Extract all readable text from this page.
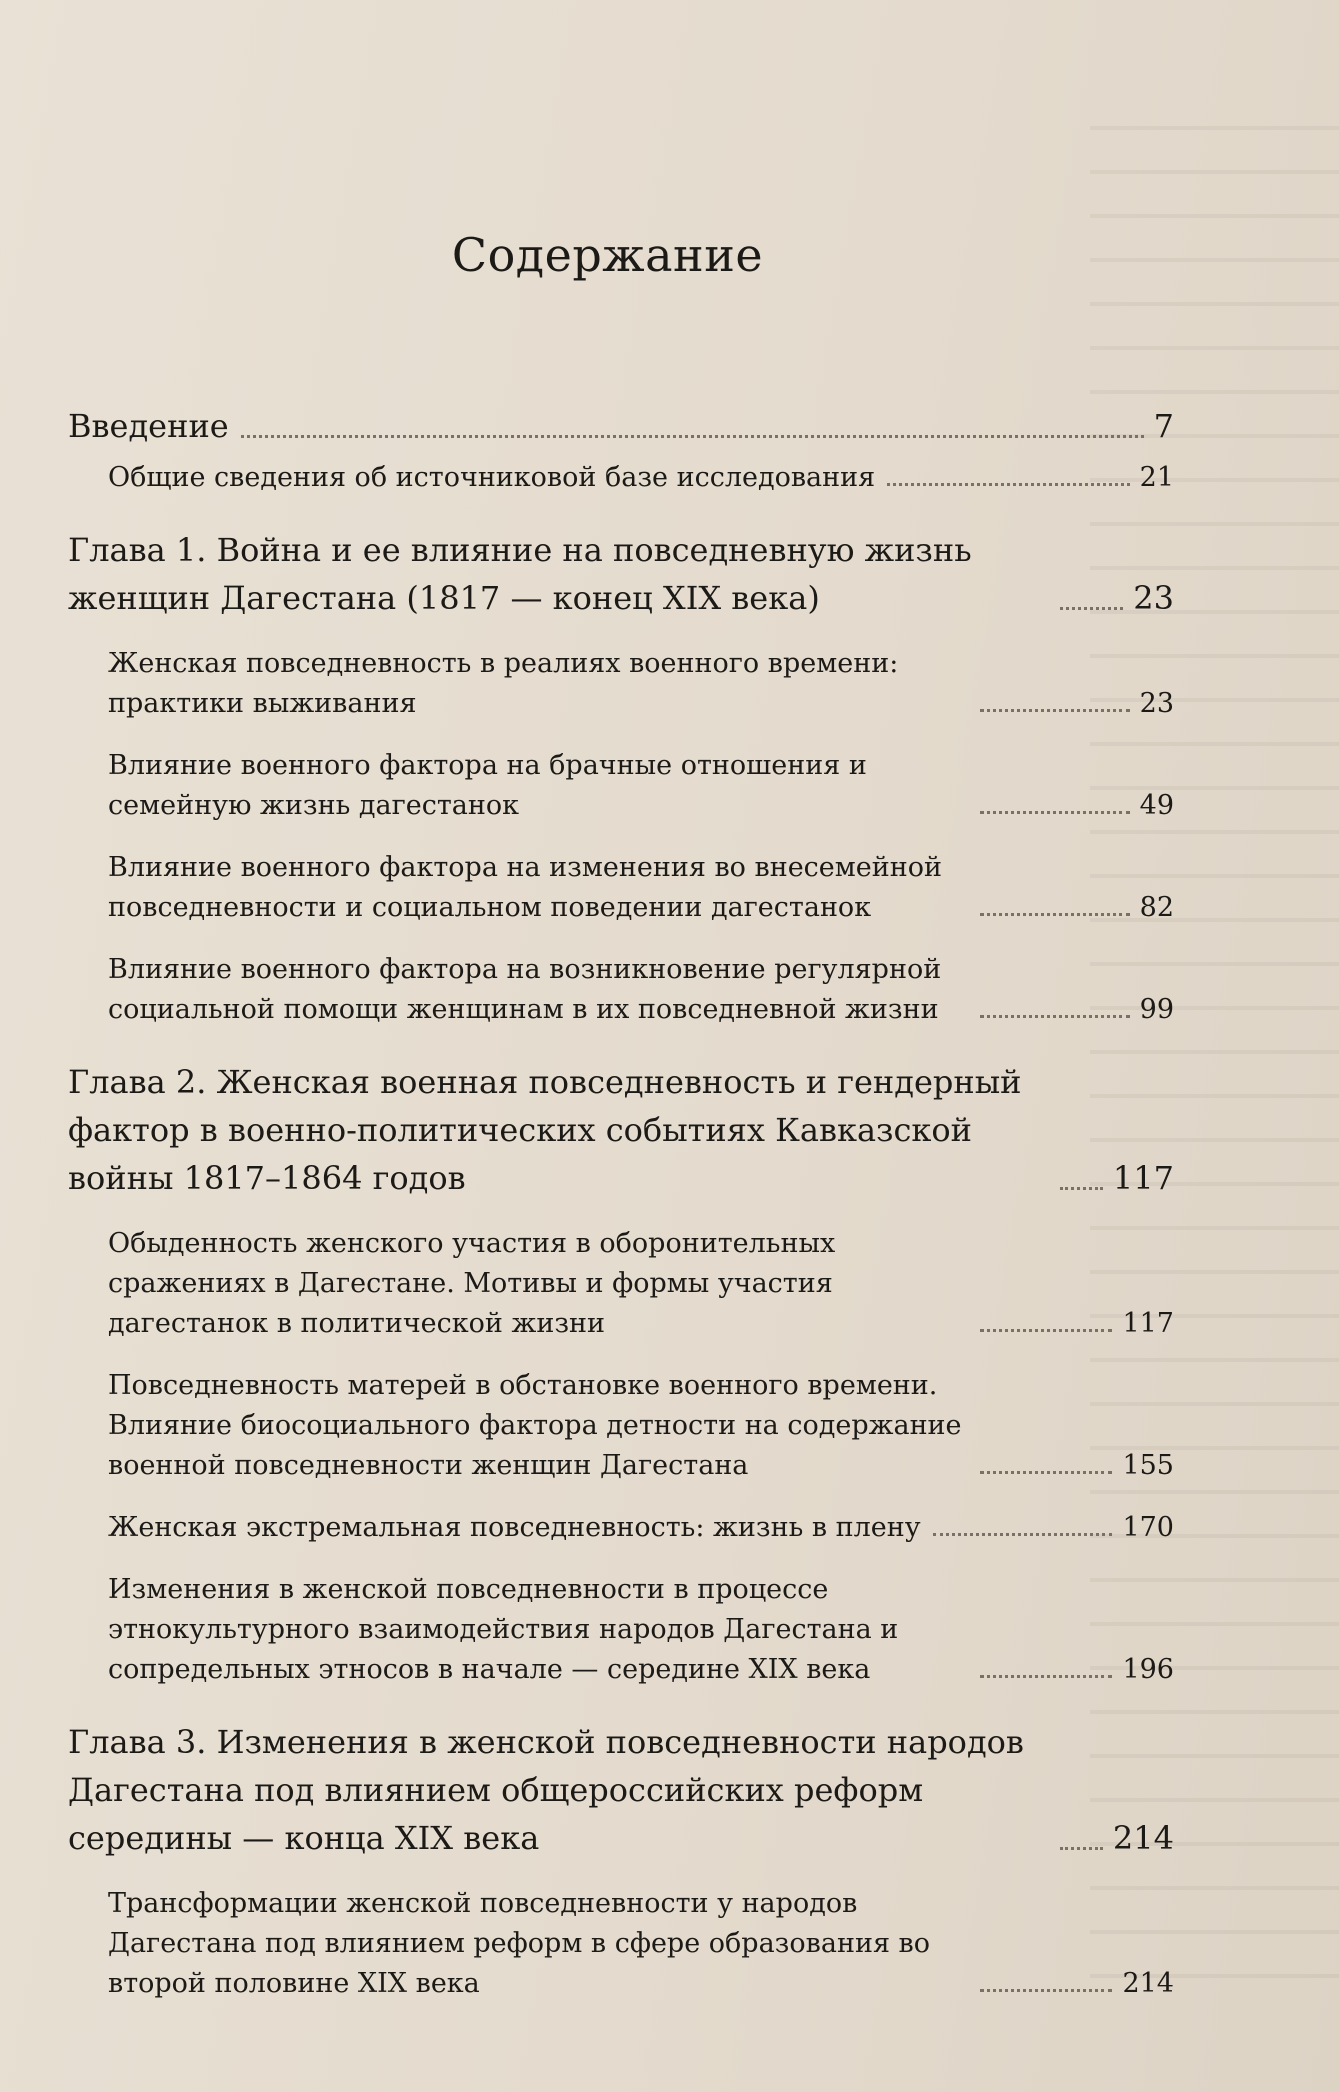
Содержание
Введение	7
Общие сведения об источниковой базе исследования	21
Глава 1. Война и ее влияние на повседневную жизнь женщин Дагестана (1817 — конец XIX века)	23
Женская повседневность в реалиях военного времени: практики выживания	23
Влияние военного фактора на брачные отношения и семейную жизнь дагестанок	49
Влияние военного фактора на изменения во внесемейной повседневности и социальном поведении дагестанок	82
Влияние военного фактора на возникновение регулярной социальной помощи женщинам в их повседневной жизни	99
Глава 2. Женская военная повседневность и гендерный фактор в военно-политических событиях Кавказской войны 1817–1864 годов	117
Обыденность женского участия в оборонительных сражениях в Дагестане. Мотивы и формы участия дагестанок в политической жизни	117
Повседневность матерей в обстановке военного времени. Влияние биосоциального фактора детности на содержание военной повседневности женщин Дагестана	155
Женская экстремальная повседневность: жизнь в плену	170
Изменения в женской повседневности в процессе этнокультурного взаимодействия народов Дагестана и сопредельных этносов в начале — середине XIX века	196
Глава 3. Изменения в женской повседневности народов Дагестана под влиянием общероссийских реформ середины — конца XIX века	214
Трансформации женской повседневности у народов Дагестана под влиянием реформ в сфере образования во второй половине XIX века	214
